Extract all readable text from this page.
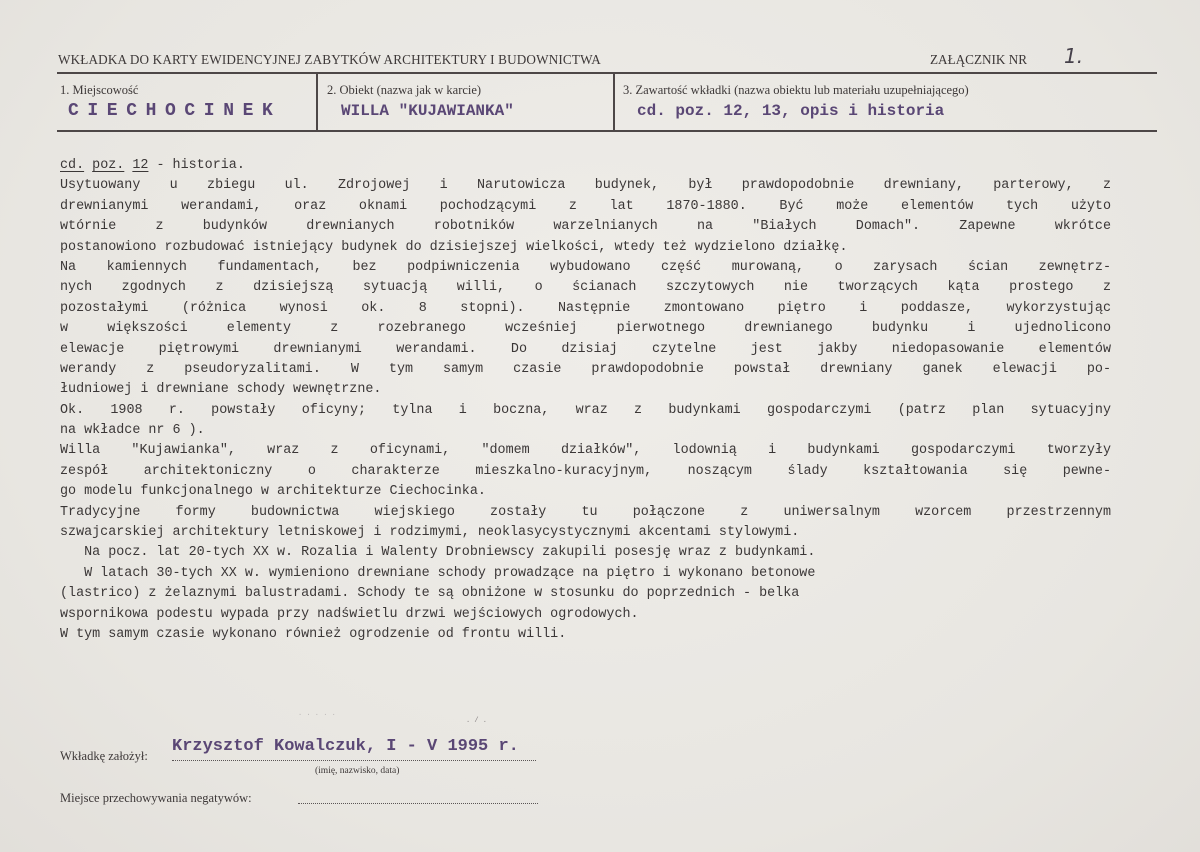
WKŁADKA DO KARTY EWIDENCYJNEJ ZABYTKÓW ARCHITEKTURY I BUDOWNICTWA	ZAŁĄCZNIK NR 1.
1. Miejscowość
CIECHOCINEK
2. Obiekt (nazwa jak w karcie)
WILLA "KUJAWIANKA"
3. Zawartość wkładki (nazwa obiektu lub materiału uzupełniającego)
cd. poz. 12, 13, opis i historia
cd. poz. 12 - historia.
Usytuowany u zbiegu ul. Zdrojowej i Narutowicza budynek, był prawdopodobnie drewniany, parterowy, z
drewnianymi werandami, oraz oknami pochodzącymi z lat 1870-1880. Być może elementów tych użyto
wtórnie z budynków drewnianych robotników warzelnianych na "Białych Domach". Zapewne wkrótce
postanowiono rozbudować istniejący budynek do dzisiejszej wielkości, wtedy też wydzielono działkę.
Na kamiennych fundamentach, bez podpiwniczenia wybudowano część murowaną, o zarysach ścian zewnętrz-
nych zgodnych z dzisiejszą sytuacją willi, o ścianach szczytowych nie tworzących kąta prostego z
pozostałymi (różnica wynosi ok. 8 stopni). Następnie zmontowano piętro i poddasze, wykorzystując
w większości elementy z rozebranego wcześniej pierwotnego drewnianego budynku i ujednolicono
elewacje piętrowymi drewnianymi werandami. Do dzisiaj czytelne jest jakby niedopasowanie elementów
werandy z pseudoryzalitami. W tym samym czasie prawdopodobnie powstał drewniany ganek elewacji po-
łudniowej i drewniane schody wewnętrzne.
Ok. 1908 r. powstały oficyny; tylna i boczna, wraz z budynkami gospodarczymi (patrz plan sytuacyjny
na wkładce nr 6 ).
Willa "Kujawianka", wraz z oficynami, "domem działków", lodownią i budynkami gospodarczymi tworzyły
zespół architektoniczny o charakterze mieszkalno-kuracyjnym, noszącym ślady kształtowania się pewne-
go modelu funkcjonalnego w architekturze Ciechocinka.
Tradycyjne formy budownictwa wiejskiego zostały tu połączone z uniwersalnym wzorcem przestrzennym
szwajcarskiej architektury letniskowej i rodzimymi, neoklasycystycznymi akcentami stylowymi.
Na pocz. lat 20-tych XX w. Rozalia i Walenty Drobniewscy zakupili posesję wraz z budynkami.
W latach 30-tych XX w. wymieniono drewniane schody prowadzące na piętro i wykonano betonowe
(lastrico) z żelaznymi balustradami. Schody te są obniżone w stosunku do poprzednich - belka
wspornikowa podestu wypada przy nadświetlu drzwi wejściowych ogrodowych.
W tym samym czasie wykonano również ogrodzenie od frontu willi.
. . . . .
. / .
Wkładkę założył: Krzysztof Kowalczuk, I - V 1995 r.
(imię, nazwisko, data)
Miejsce przechowywania negatywów:
